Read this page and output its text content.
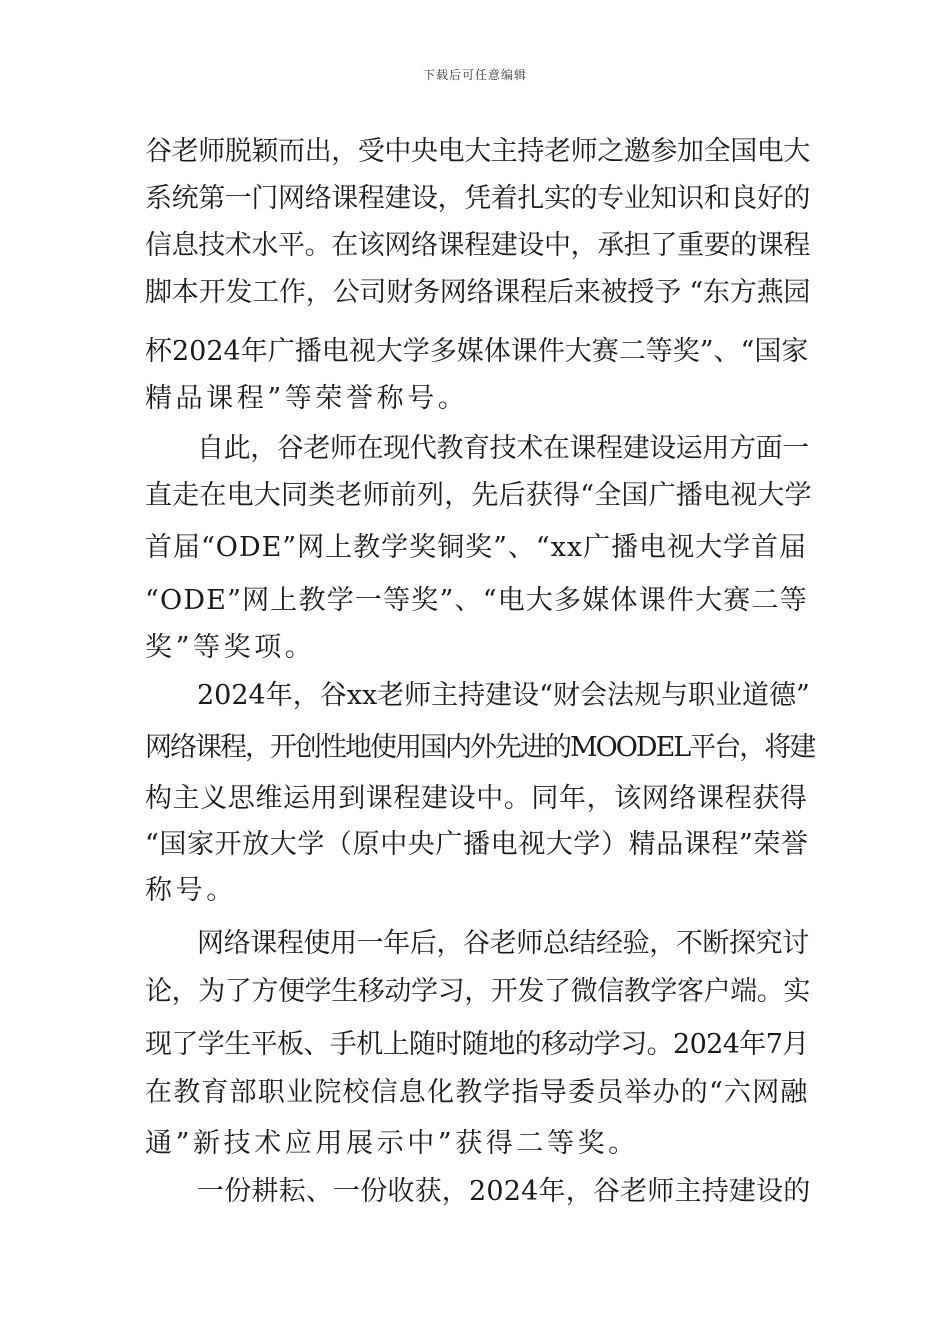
下载后可任意编辑
谷老师脱颖而出，受中央电大主持老师之邀参加全国电大
系统第一门网络课程建设，凭着扎实的专业知识和良好的
信息技术水平。在该网络课程建设中，承担了重要的课程
脚本开发工作，公司财务网络课程后来被授予 “东方燕园
杯2024年广播电视大学多媒体课件大赛二等奖”、“国家
精品课程”等荣誉称号。
自此，谷老师在现代教育技术在课程建设运用方面一
直走在电大同类老师前列，先后获得“全国广播电视大学
首届“ODE”网上教学奖铜奖”、“xx广播电视大学首届
“ODE”网上教学一等奖”、“电大多媒体课件大赛二等
奖”等奖项。
2024年，谷xx老师主持建设“财会法规与职业道德”
网络课程，开创性地使用国内外先进的MOODEL平台，将建
构主义思维运用到课程建设中。同年，该网络课程获得
“国家开放大学（原中央广播电视大学）精品课程”荣誉
称号。
网络课程使用一年后，谷老师总结经验，不断探究讨
论，为了方便学生移动学习，开发了微信教学客户端。实
现了学生平板、手机上随时随地的移动学习。2024年7月
在教育部职业院校信息化教学指导委员举办的“六网融
通”新技术应用展示中”获得二等奖。
一份耕耘、一份收获，2024年，谷老师主持建设的
